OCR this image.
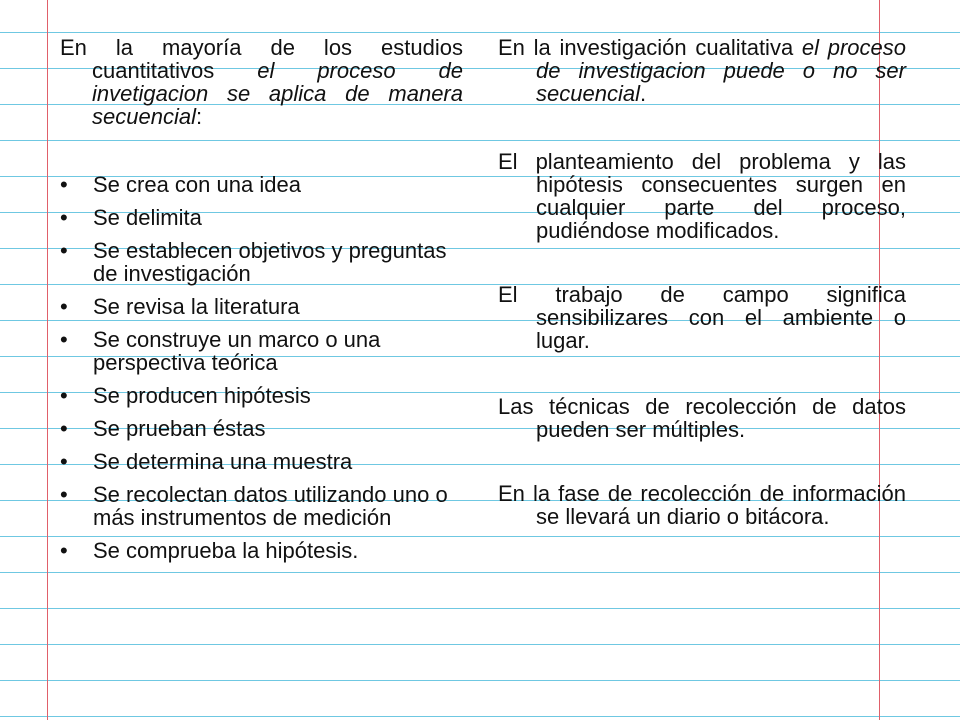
En la mayoría de los estudios cuantitativos el proceso de invetigacion se aplica de manera secuencial:

•	Se crea con una idea
•	Se delimita
•	Se establecen objetivos y preguntas de investigación
•	Se revisa la literatura
•	Se construye un marco o una perspectiva teórica
•	Se producen hipótesis
•	Se prueban éstas
•	Se determina una muestra
•	Se recolectan datos utilizando uno o más instrumentos de medición
•	Se comprueba la hipótesis.

En la investigación cualitativa el proceso de investigacion puede o no ser secuencial.

El planteamiento del problema y las hipótesis consecuentes surgen en cualquier parte del proceso, pudiéndose modificados.

El trabajo de campo significa sensibilizares con el ambiente o lugar.

Las técnicas de recolección de datos pueden ser múltiples.

En la fase de recolección de información se llevará un diario o bitácora.
